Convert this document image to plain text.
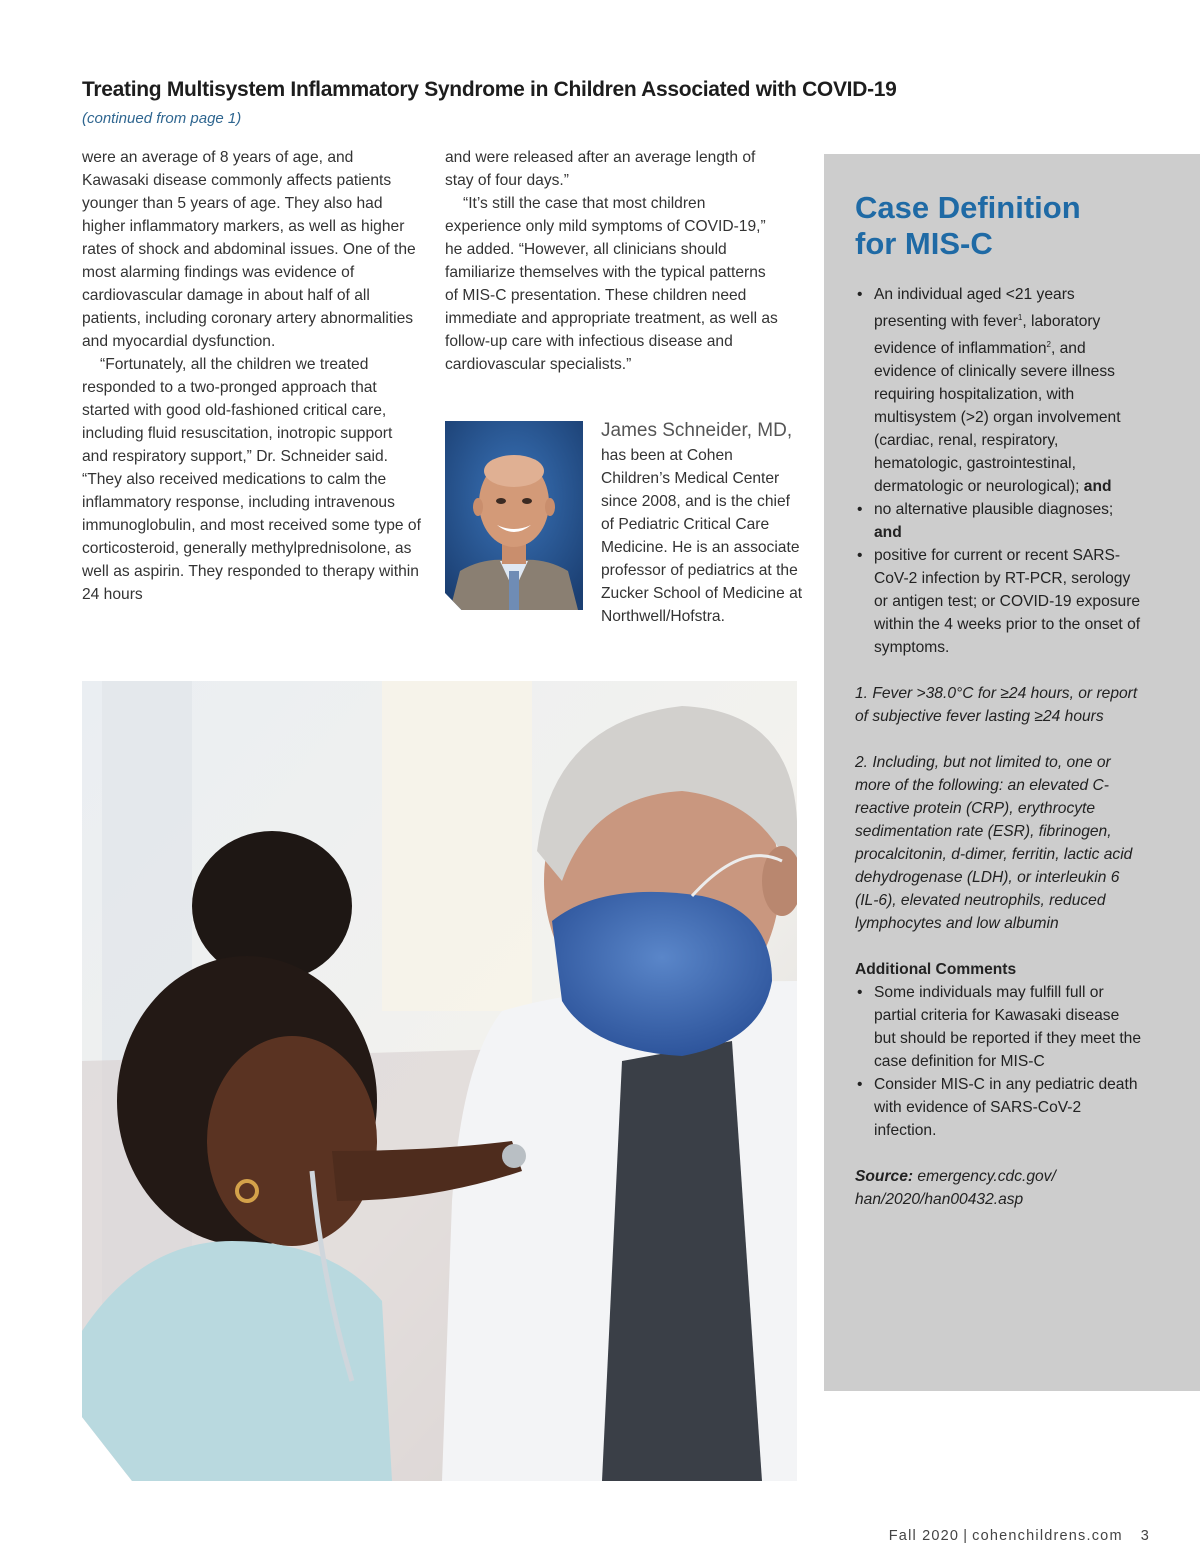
Treating Multisystem Inflammatory Syndrome in Children Associated with COVID-19
(continued from page 1)

were an average of 8 years of age, and Kawasaki disease commonly affects patients younger than 5 years of age. They also had higher inflammatory markers, as well as higher rates of shock and abdominal issues. One of the most alarming findings was evidence of cardiovascular damage in about half of all patients, including coronary artery abnormalities and myocardial dysfunction.

“Fortunately, all the children we treated responded to a two-pronged approach that started with good old-fashioned critical care, including fluid resuscitation, inotropic support and respiratory support,” Dr. Schneider said. “They also received medications to calm the inflammatory response, including intravenous immunoglobulin, and most received some type of corticosteroid, generally methylprednisolone, as well as aspirin. They responded to therapy within 24 hours

and were released after an average length of stay of four days.”

“It’s still the case that most children experience only mild symptoms of COVID-19,” he added. “However, all clinicians should familiarize themselves with the typical patterns of MIS-C presentation. These children need immediate and appropriate treatment, as well as follow-up care with infectious disease and cardiovascular specialists.”

James Schneider, MD,
has been at Cohen Children’s Medical Center since 2008, and is the chief of Pediatric Critical Care Medicine. He is an associate professor of pediatrics at the Zucker School of Medicine at Northwell/Hofstra.
Case Definition
for MIS-C
• An individual aged <21 years presenting with fever$^1$, laboratory evidence of inflammation$^2$, and evidence of clinically severe illness requiring hospitalization, with multisystem (>2) organ involvement (cardiac, renal, respiratory, hematologic, gastrointestinal, dermatologic or neurological); and
• no alternative plausible diagnoses; and
• positive for current or recent SARS-CoV-2 infection by RT-PCR, serology or antigen test; or COVID-19 exposure within the 4 weeks prior to the onset of symptoms.
1. Fever >38.0°C for ≥24 hours, or report of subjective fever lasting ≥24 hours
2. Including, but not limited to, one or more of the following: an elevated C-reactive protein (CRP), erythrocyte sedimentation rate (ESR), fibrinogen, procalcitonin, d-dimer, ferritin, lactic acid dehydrogenase (LDH), or interleukin 6 (IL-6), elevated neutrophils, reduced lymphocytes and low albumin
Additional Comments
• Some individuals may fulfill full or partial criteria for Kawasaki disease but should be reported if they meet the case definition for MIS-C
• Consider MIS-C in any pediatric death with evidence of SARS-CoV-2 infection.
Source: emergency.cdc.gov/ han/2020/han00432.asp
Fall 2020 | cohenchildrens.com 3
